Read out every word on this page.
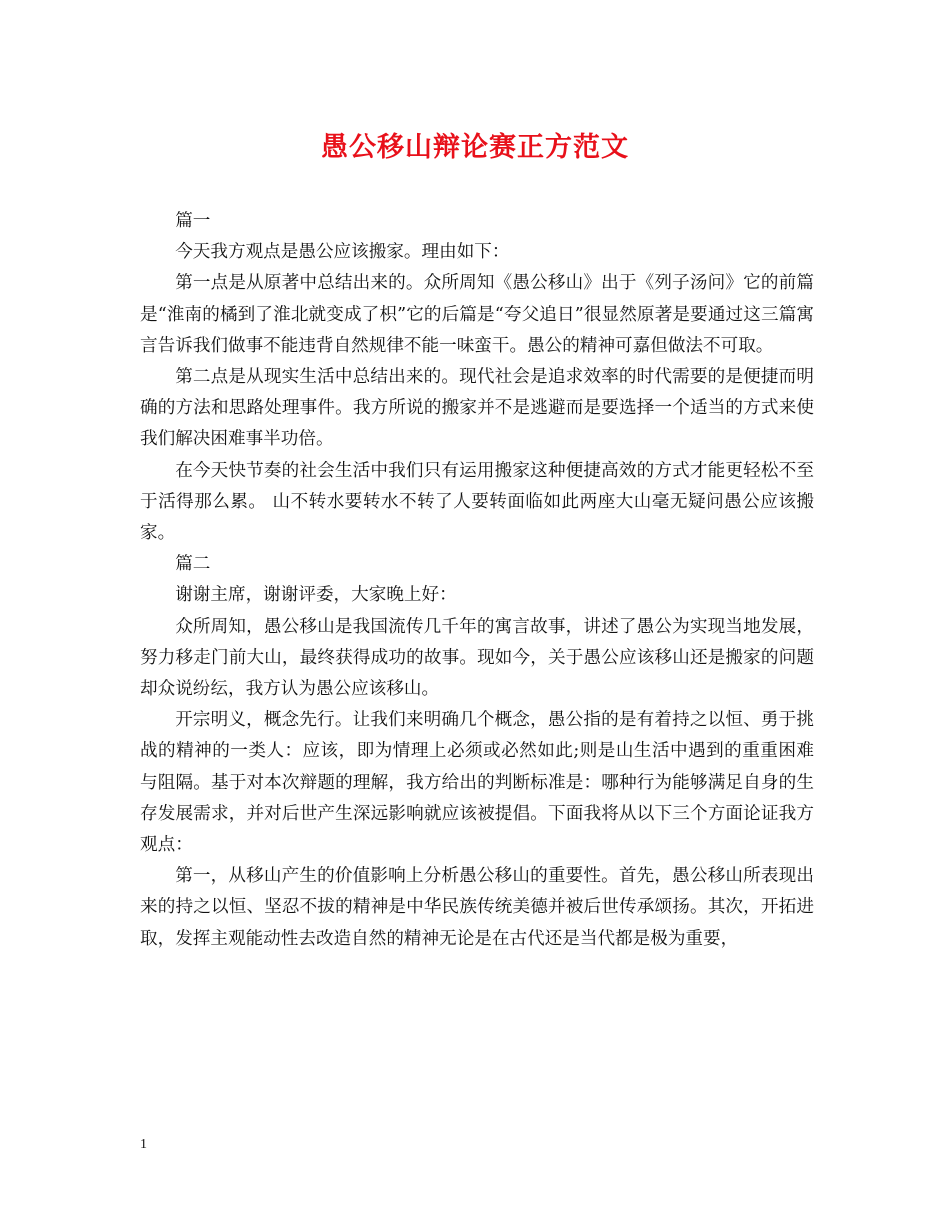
愚公移山辩论赛正方范文

篇一

今天我方观点是愚公应该搬家。理由如下：

第一点是从原著中总结出来的。众所周知《愚公移山》出于《列子汤问》它的前篇是“淮南的橘到了淮北就变成了枳”它的后篇是“夸父追日”很显然原著是要通过这三篇寓言告诉我们做事不能违背自然规律不能一味蛮干。愚公的精神可嘉但做法不可取。

第二点是从现实生活中总结出来的。现代社会是追求效率的时代需要的是便捷而明确的方法和思路处理事件。我方所说的搬家并不是逃避而是要选择一个适当的方式来使我们解决困难事半功倍。

在今天快节奏的社会生活中我们只有运用搬家这种便捷高效的方式才能更轻松不至于活得那么累。 山不转水要转水不转了人要转面临如此两座大山毫无疑问愚公应该搬家。

篇二

谢谢主席，谢谢评委，大家晚上好：

众所周知，愚公移山是我国流传几千年的寓言故事，讲述了愚公为实现当地发展，努力移走门前大山，最终获得成功的故事。现如今，关于愚公应该移山还是搬家的问题却众说纷纭，我方认为愚公应该移山。

开宗明义，概念先行。让我们来明确几个概念，愚公指的是有着持之以恒、勇于挑战的精神的一类人：应该，即为情理上必须或必然如此;则是山生活中遇到的重重困难与阻隔。基于对本次辩题的理解，我方给出的判断标准是：哪种行为能够满足自身的生存发展需求，并对后世产生深远影响就应该被提倡。下面我将从以下三个方面论证我方观点：

第一，从移山产生的价值影响上分析愚公移山的重要性。首先，愚公移山所表现出来的持之以恒、坚忍不拔的精神是中华民族传统美德并被后世传承颂扬。其次，开拓进取，发挥主观能动性去改造自然的精神无论是在古代还是当代都是极为重要，

1
